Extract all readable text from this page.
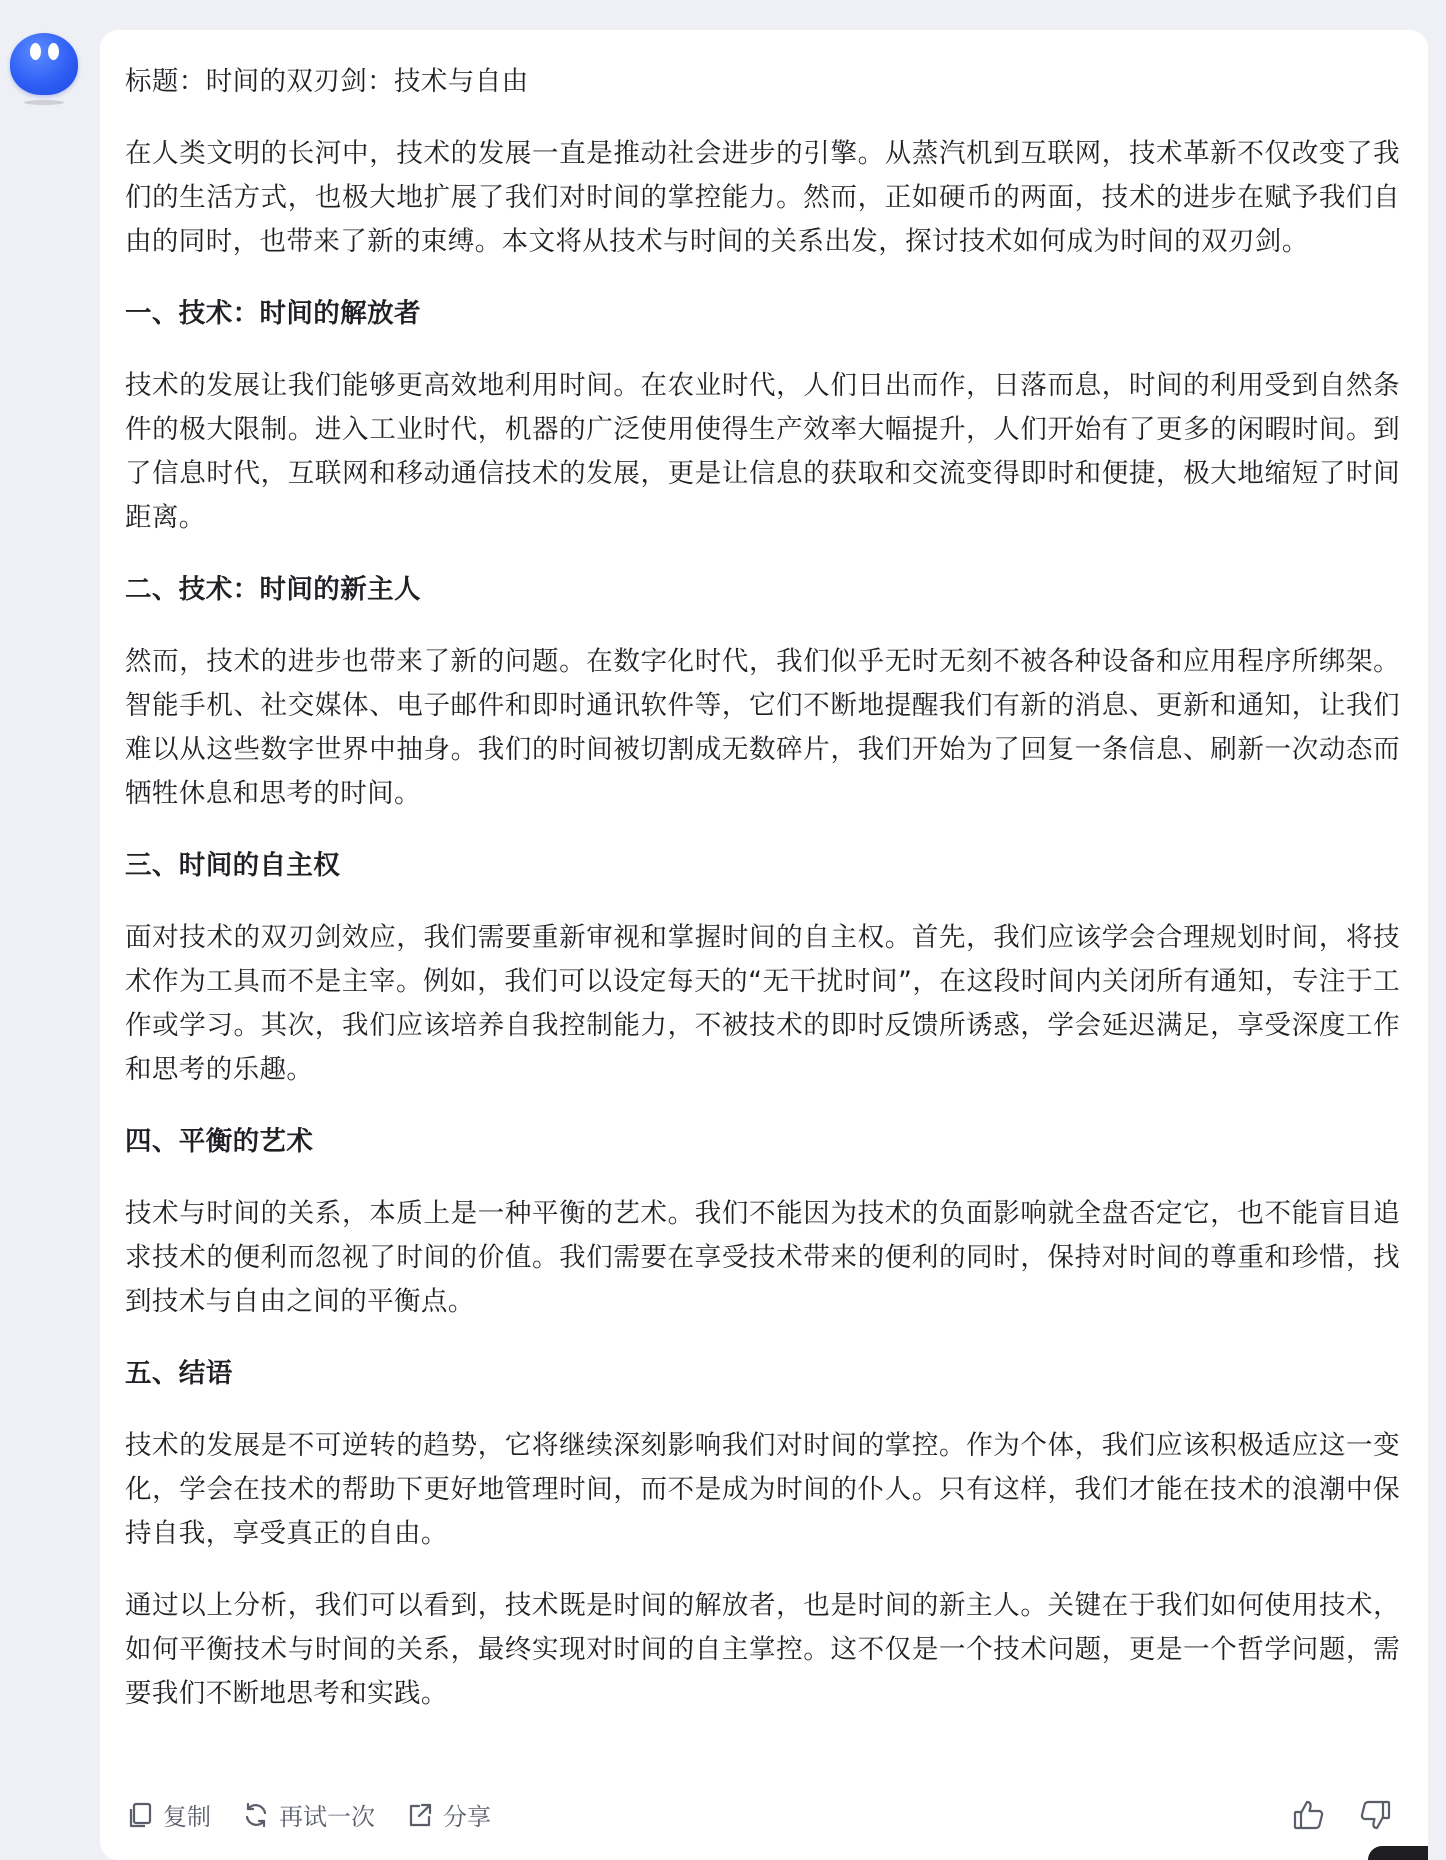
标题：时间的双刃剑：技术与自由

在人类文明的长河中，技术的发展一直是推动社会进步的引擎。从蒸汽机到互联网，技术革新不仅改变了我们的生活方式，也极大地扩展了我们对时间的掌控能力。然而，正如硬币的两面，技术的进步在赋予我们自由的同时，也带来了新的束缚。本文将从技术与时间的关系出发，探讨技术如何成为时间的双刃剑。

一、技术：时间的解放者

技术的发展让我们能够更高效地利用时间。在农业时代，人们日出而作，日落而息，时间的利用受到自然条件的极大限制。进入工业时代，机器的广泛使用使得生产效率大幅提升，人们开始有了更多的闲暇时间。到了信息时代，互联网和移动通信技术的发展，更是让信息的获取和交流变得即时和便捷，极大地缩短了时间距离。

二、技术：时间的新主人

然而，技术的进步也带来了新的问题。在数字化时代，我们似乎无时无刻不被各种设备和应用程序所绑架。智能手机、社交媒体、电子邮件和即时通讯软件等，它们不断地提醒我们有新的消息、更新和通知，让我们难以从这些数字世界中抽身。我们的时间被切割成无数碎片，我们开始为了回复一条信息、刷新一次动态而牺牲休息和思考的时间。

三、时间的自主权

面对技术的双刃剑效应，我们需要重新审视和掌握时间的自主权。首先，我们应该学会合理规划时间，将技术作为工具而不是主宰。例如，我们可以设定每天的“无干扰时间”，在这段时间内关闭所有通知，专注于工作或学习。其次，我们应该培养自我控制能力，不被技术的即时反馈所诱惑，学会延迟满足，享受深度工作和思考的乐趣。

四、平衡的艺术

技术与时间的关系，本质上是一种平衡的艺术。我们不能因为技术的负面影响就全盘否定它，也不能盲目追求技术的便利而忽视了时间的价值。我们需要在享受技术带来的便利的同时，保持对时间的尊重和珍惜，找到技术与自由之间的平衡点。

五、结语

技术的发展是不可逆转的趋势，它将继续深刻影响我们对时间的掌控。作为个体，我们应该积极适应这一变化，学会在技术的帮助下更好地管理时间，而不是成为时间的仆人。只有这样，我们才能在技术的浪潮中保持自我，享受真正的自由。

通过以上分析，我们可以看到，技术既是时间的解放者，也是时间的新主人。关键在于我们如何使用技术，如何平衡技术与时间的关系，最终实现对时间的自主掌控。这不仅是一个技术问题，更是一个哲学问题，需要我们不断地思考和实践。

复制	再试一次	分享
